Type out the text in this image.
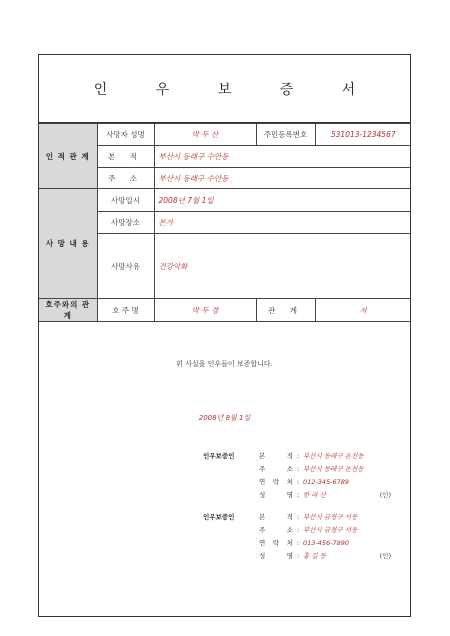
인 우 보 증 서
인 적 관 계	사망자 성명	박 두 산	주민등록번호	531013-1234567
	본 적	부산시 동래구 수안동		
	주 소	부산시 동래구 수안동		
사 망 내 용	사망일시	2008년 7월 1일		
	사망장소	본가		
	사망사유	건강악화		
호주와의 관계	호 주 명	박 두 경	관 계	자
위 사실을 인우들이 보증합니다.
2008년 8월 1일
인우보증인	본 적 : 부산시 동래구 온천동
주 소 : 부산시 동래구 온천동
연 락 처 : 012-345-6789
성 명 : 한 라 산	(인)
인우보증인	본 적 : 부산시 금정구 서동
주 소 : 부산시 금정구 서동
연 락 처 : 013-456-7890
성 명 : 홍 길 동	(인)
